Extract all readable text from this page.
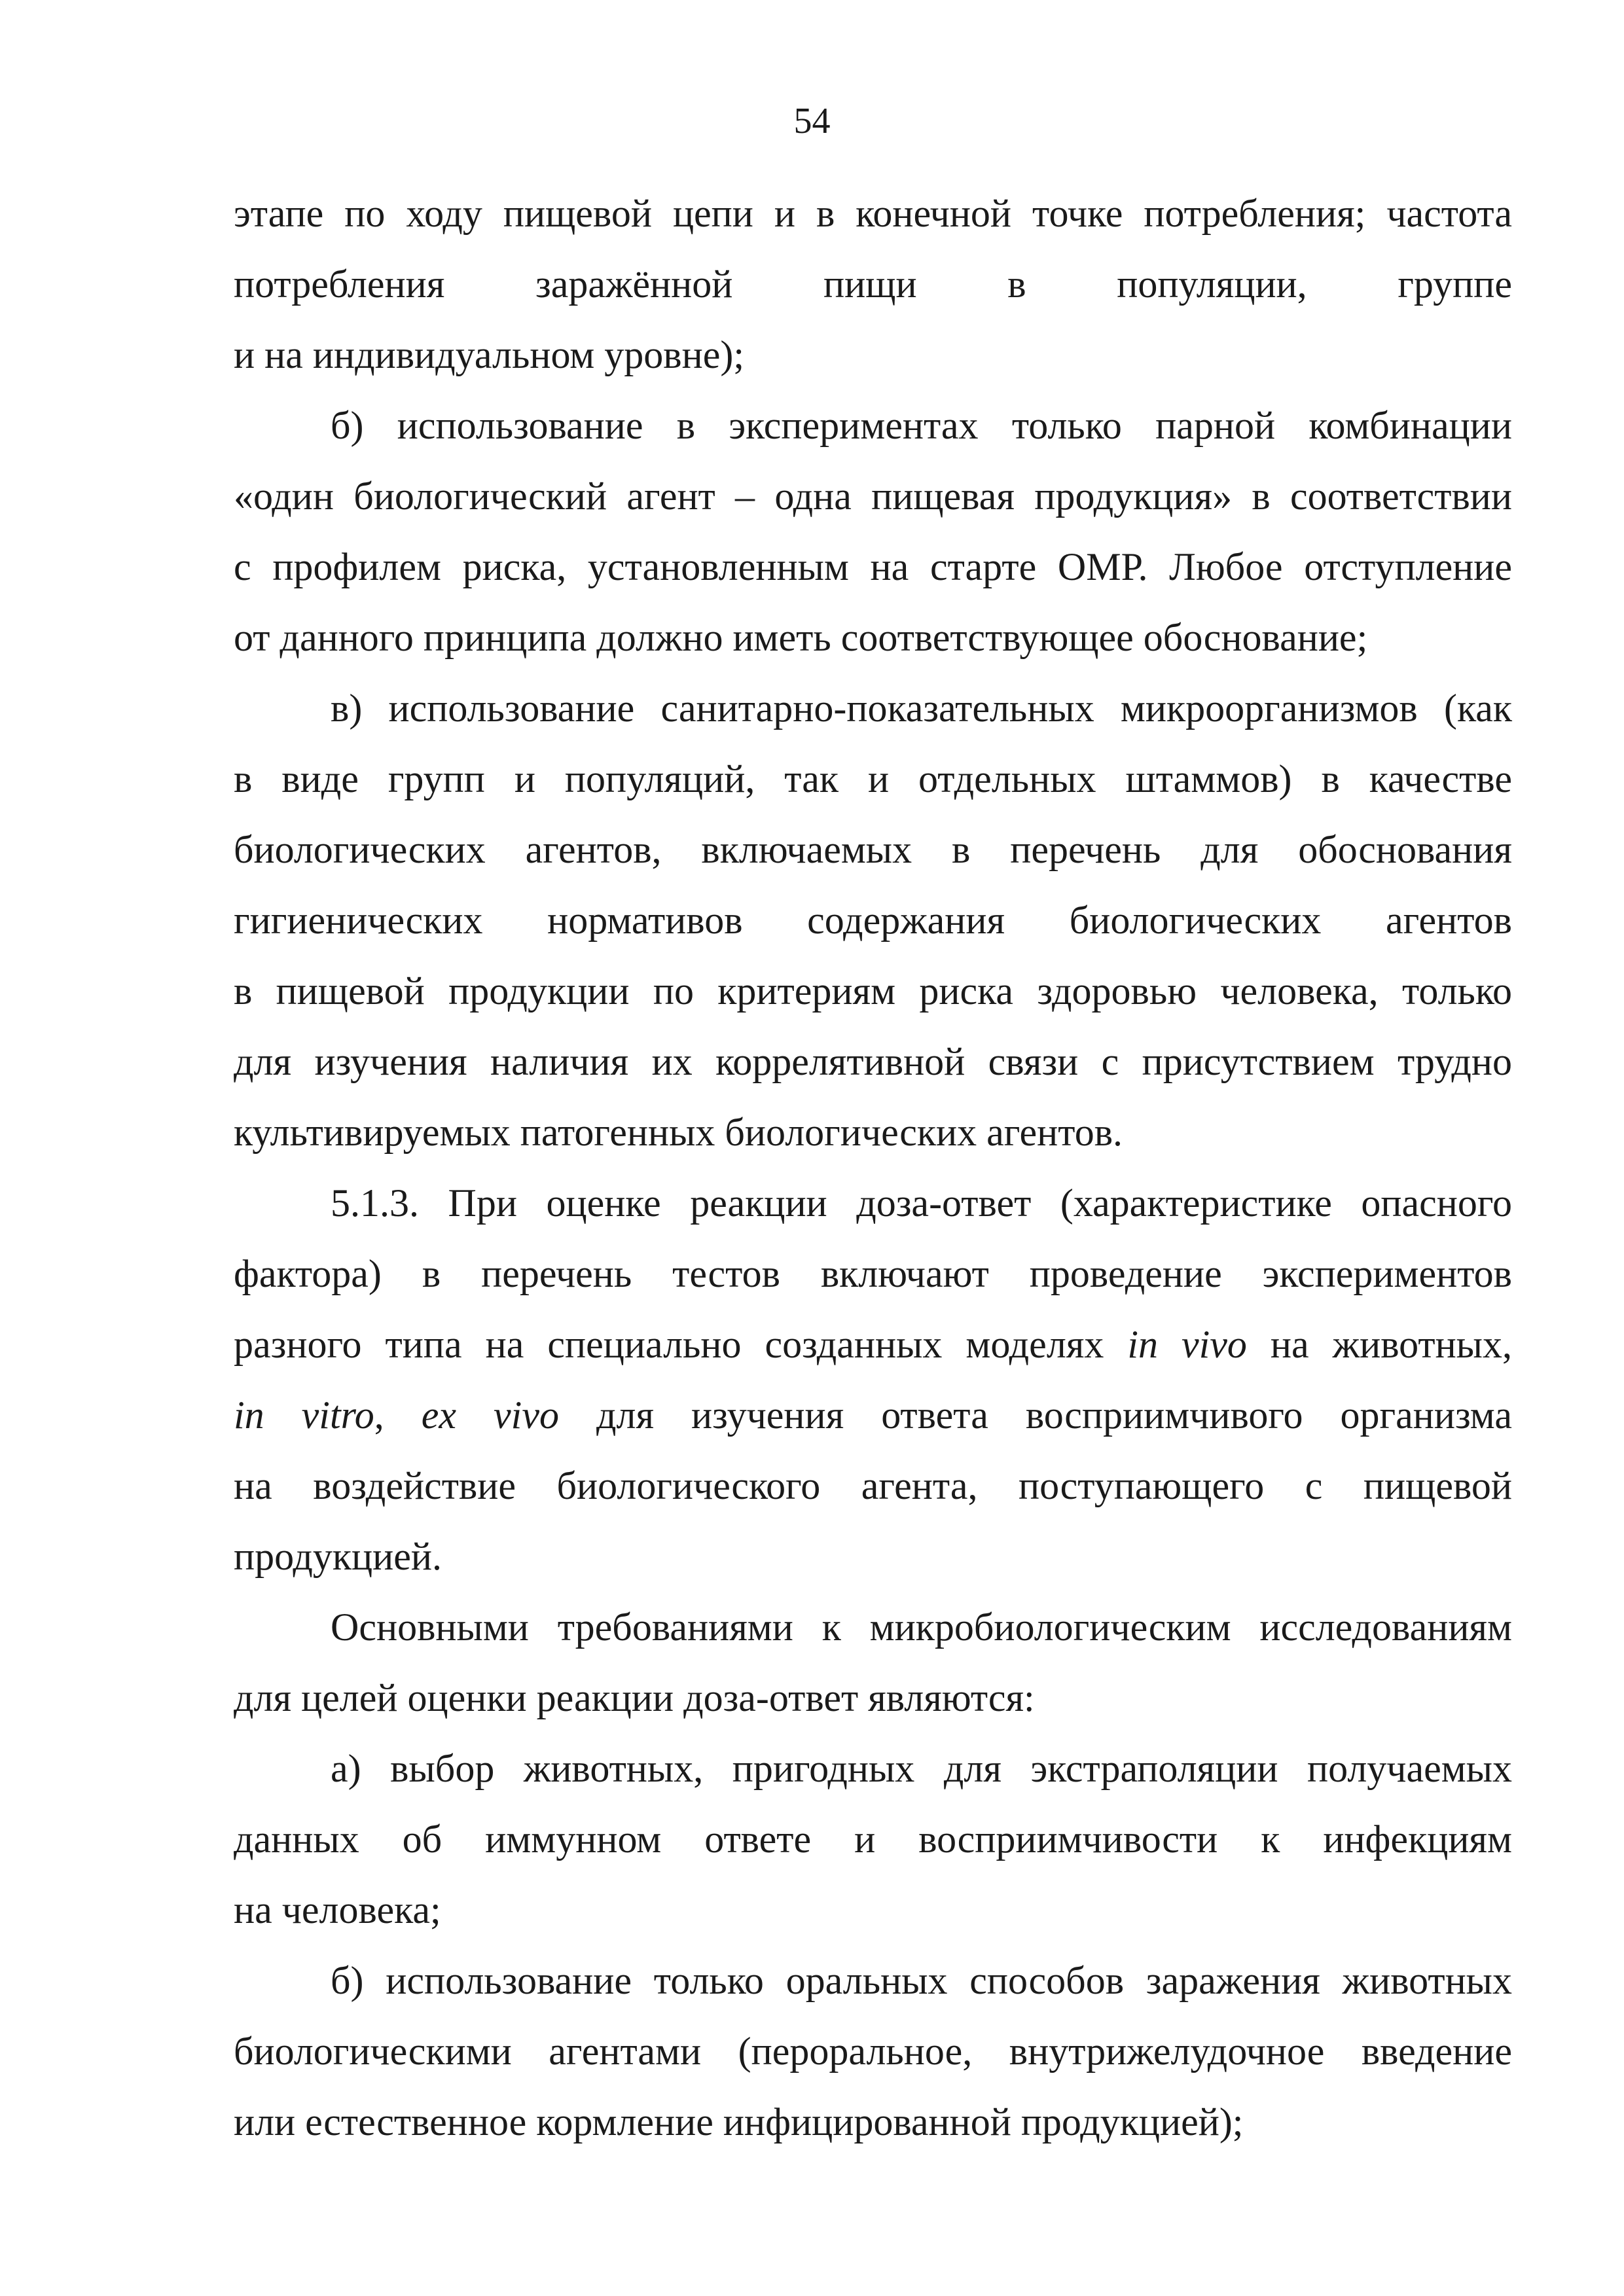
54
этапе по ходу пищевой цепи и в конечной точке потребления; частота
потребления заражённой пищи в популяции, группе
и на индивидуальном уровне);
б) использование в экспериментах только парной комбинации
«один биологический агент – одна пищевая продукция» в соответствии
с профилем риска, установленным на старте ОМР. Любое отступление
от данного принципа должно иметь соответствующее обоснование;
в) использование санитарно-показательных микроорганизмов (как
в виде групп и популяций, так и отдельных штаммов) в качестве
биологических агентов, включаемых в перечень для обоснования
гигиенических нормативов содержания биологических агентов
в пищевой продукции по критериям риска здоровью человека, только
для изучения наличия их коррелятивной связи с присутствием трудно
культивируемых патогенных биологических агентов.
5.1.3. При оценке реакции доза-ответ (характеристике опасного
фактора) в перечень тестов включают проведение экспериментов
разного типа на специально созданных моделях in vivo на животных,
in vitro, ex vivo для изучения ответа восприимчивого организма
на воздействие биологического агента, поступающего с пищевой
продукцией.
Основными требованиями к микробиологическим исследованиям
для целей оценки реакции доза-ответ являются:
а) выбор животных, пригодных для экстраполяции получаемых
данных об иммунном ответе и восприимчивости к инфекциям
на человека;
б) использование только оральных способов заражения животных
биологическими агентами (пероральное, внутрижелудочное введение
или естественное кормление инфицированной продукцией);
